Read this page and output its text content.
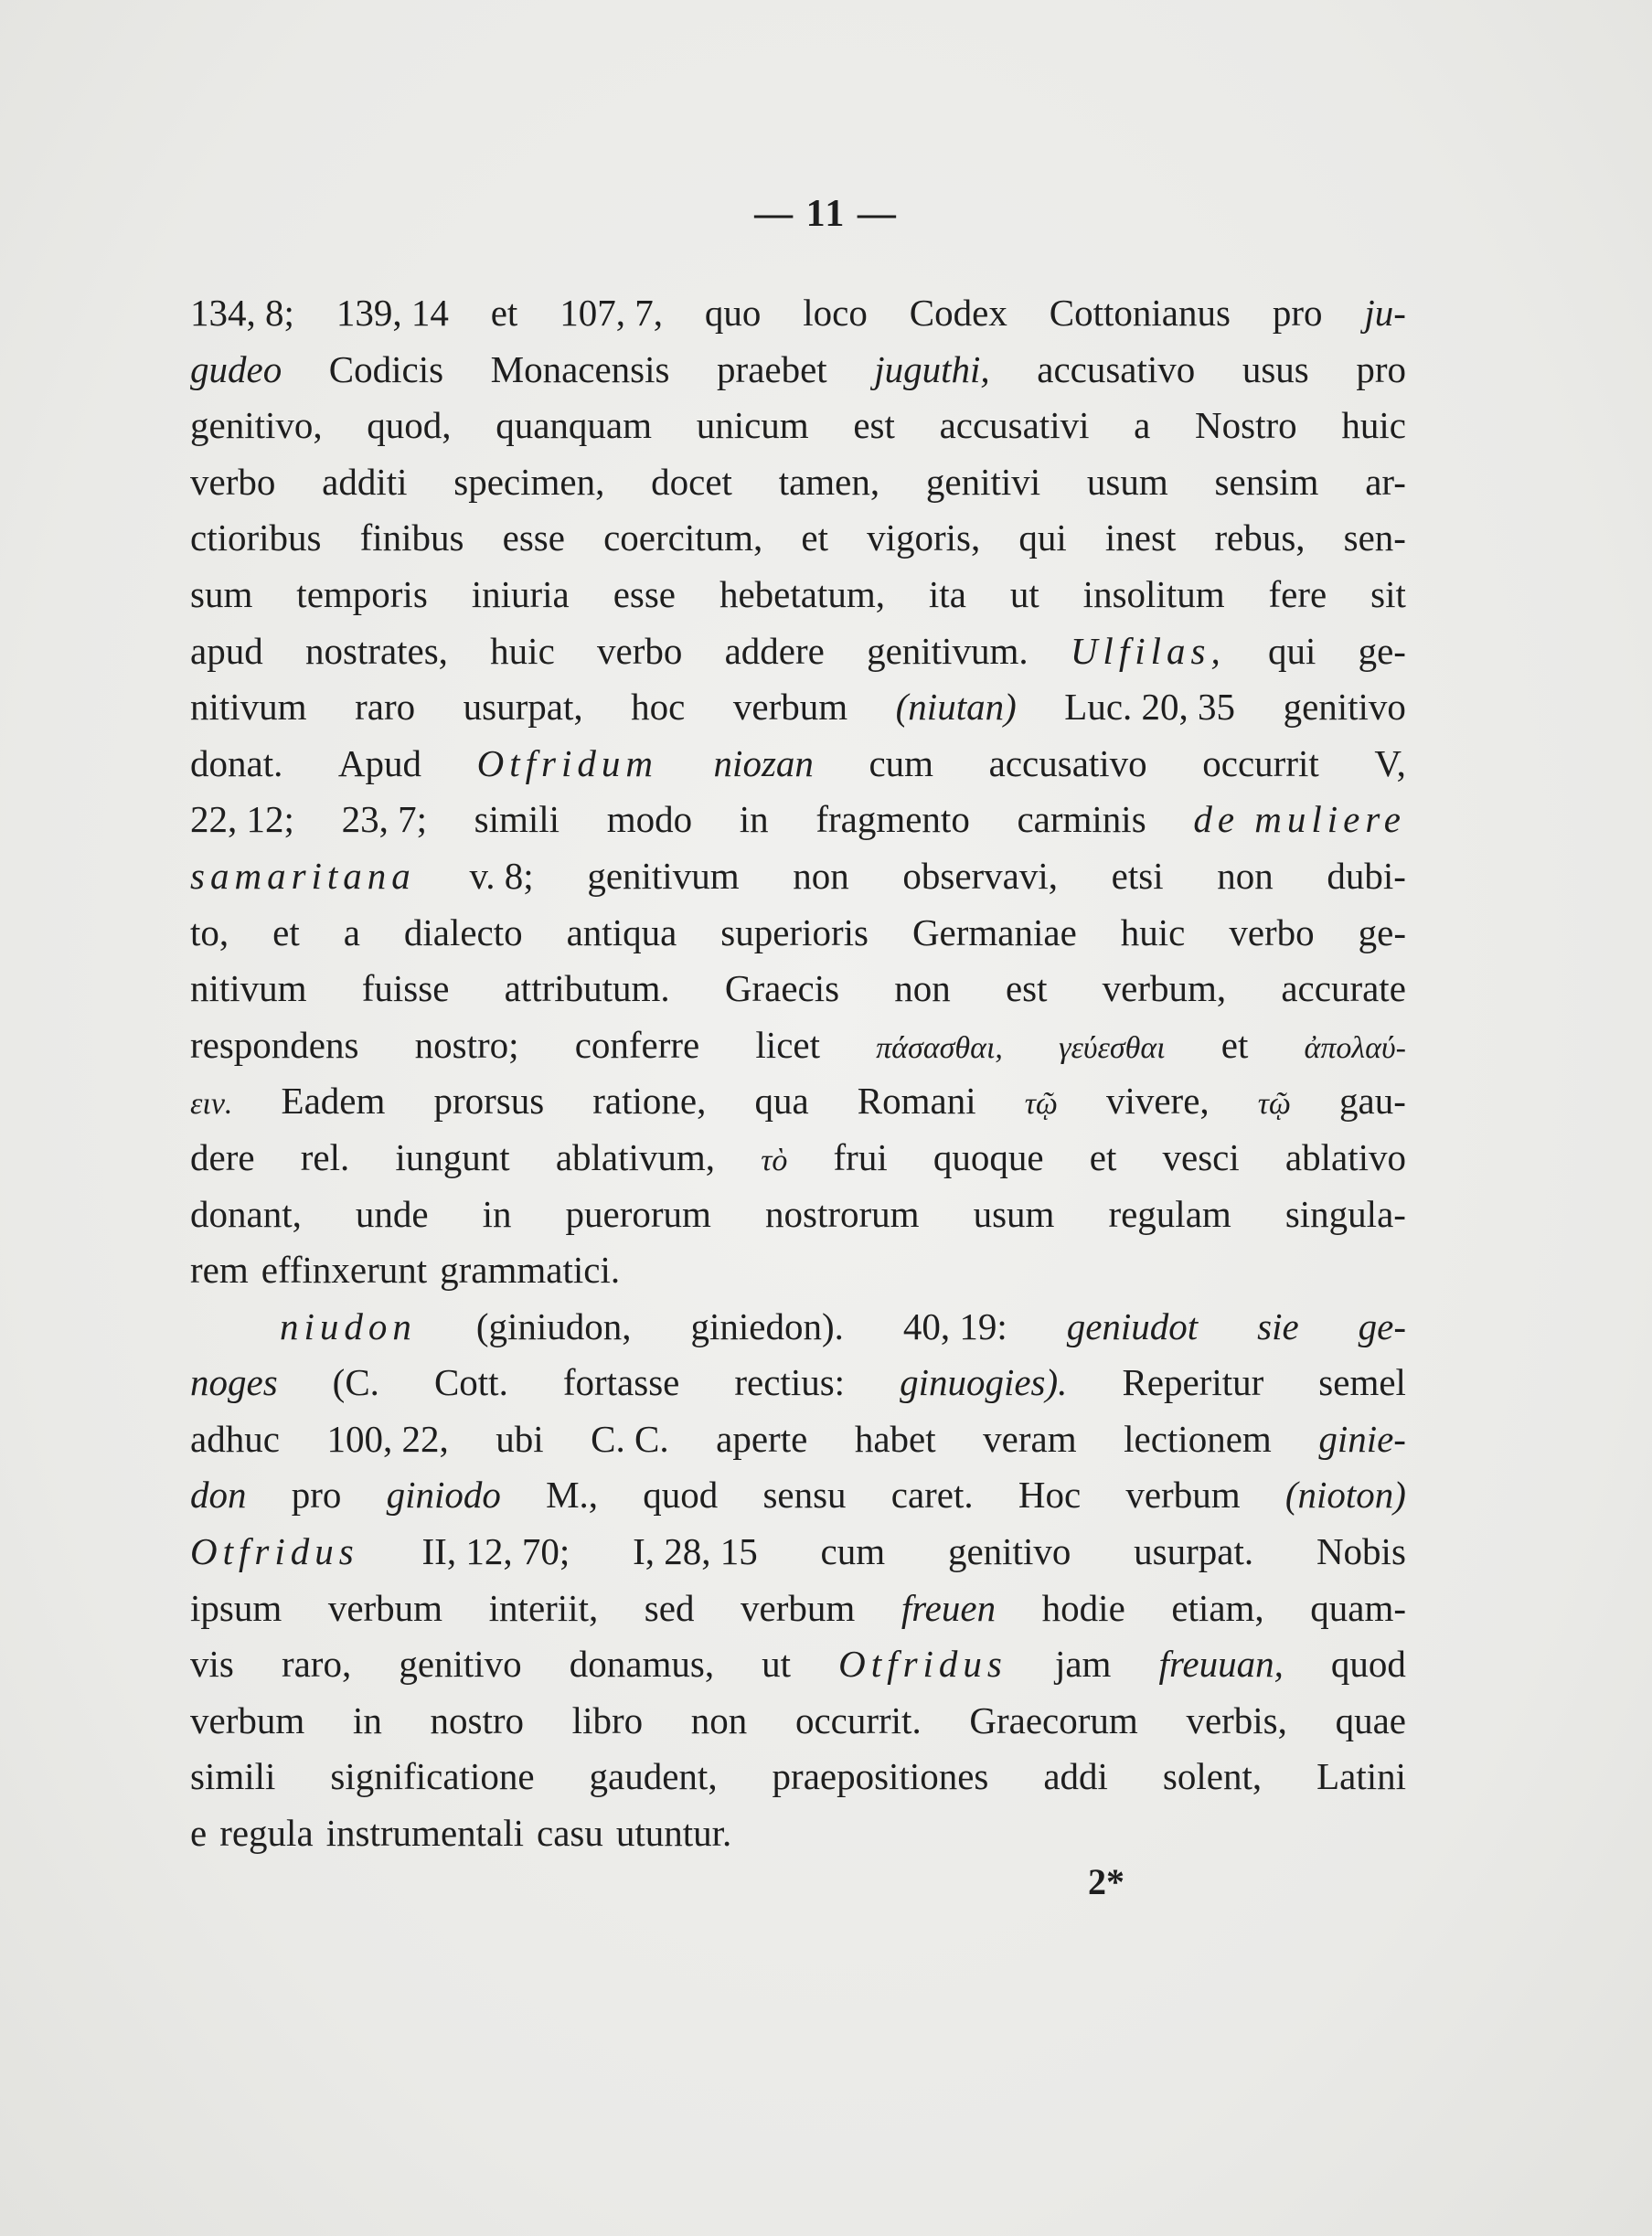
— 11 —
134, 8; 139, 14 et 107, 7, quo loco Codex Cottonianus pro ju-
gudeo Codicis Monacensis praebet juguthi, accusativo usus pro
genitivo, quod, quanquam unicum est accusativi a Nostro huic
verbo additi specimen, docet tamen, genitivi usum sensim ar-
ctioribus finibus esse coercitum, et vigoris, qui inest rebus, sen-
sum temporis iniuria esse hebetatum, ita ut insolitum fere sit
apud nostrates, huic verbo addere genitivum. Ulfilas, qui ge-
nitivum raro usurpat, hoc verbum (niutan) Luc. 20, 35 genitivo
donat. Apud Otfridum niozan cum accusativo occurrit V,
22, 12; 23, 7; simili modo in fragmento carminis de muliere
samaritana v. 8; genitivum non observavi, etsi non dubi-
to, et a dialecto antiqua superioris Germaniae huic verbo ge-
nitivum fuisse attributum. Graecis non est verbum, accurate
respondens nostro; conferre licet πάσασθαι, γεύεσθαι et ἀπολαύ-
ειν. Eadem prorsus ratione, qua Romani τῷ vivere, τῷ gau-
dere rel. iungunt ablativum, τὸ frui quoque et vesci ablativo
donant, unde in puerorum nostrorum usum regulam singula-
rem effinxerunt grammatici.
niudon (giniudon, giniedon). 40, 19: geniudot sie ge-
noges (C. Cott. fortasse rectius: ginuogies). Reperitur semel
adhuc 100, 22, ubi C. C. aperte habet veram lectionem ginie-
don pro giniodo M., quod sensu caret. Hoc verbum (nioton)
Otfridus II, 12, 70; I, 28, 15 cum genitivo usurpat. Nobis
ipsum verbum interiit, sed verbum freuen hodie etiam, quam-
vis raro, genitivo donamus, ut Otfridus jam freuuan, quod
verbum in nostro libro non occurrit. Graecorum verbis, quae
simili significatione gaudent, praepositiones addi solent, Latini
e regula instrumentali casu utuntur.
2*
